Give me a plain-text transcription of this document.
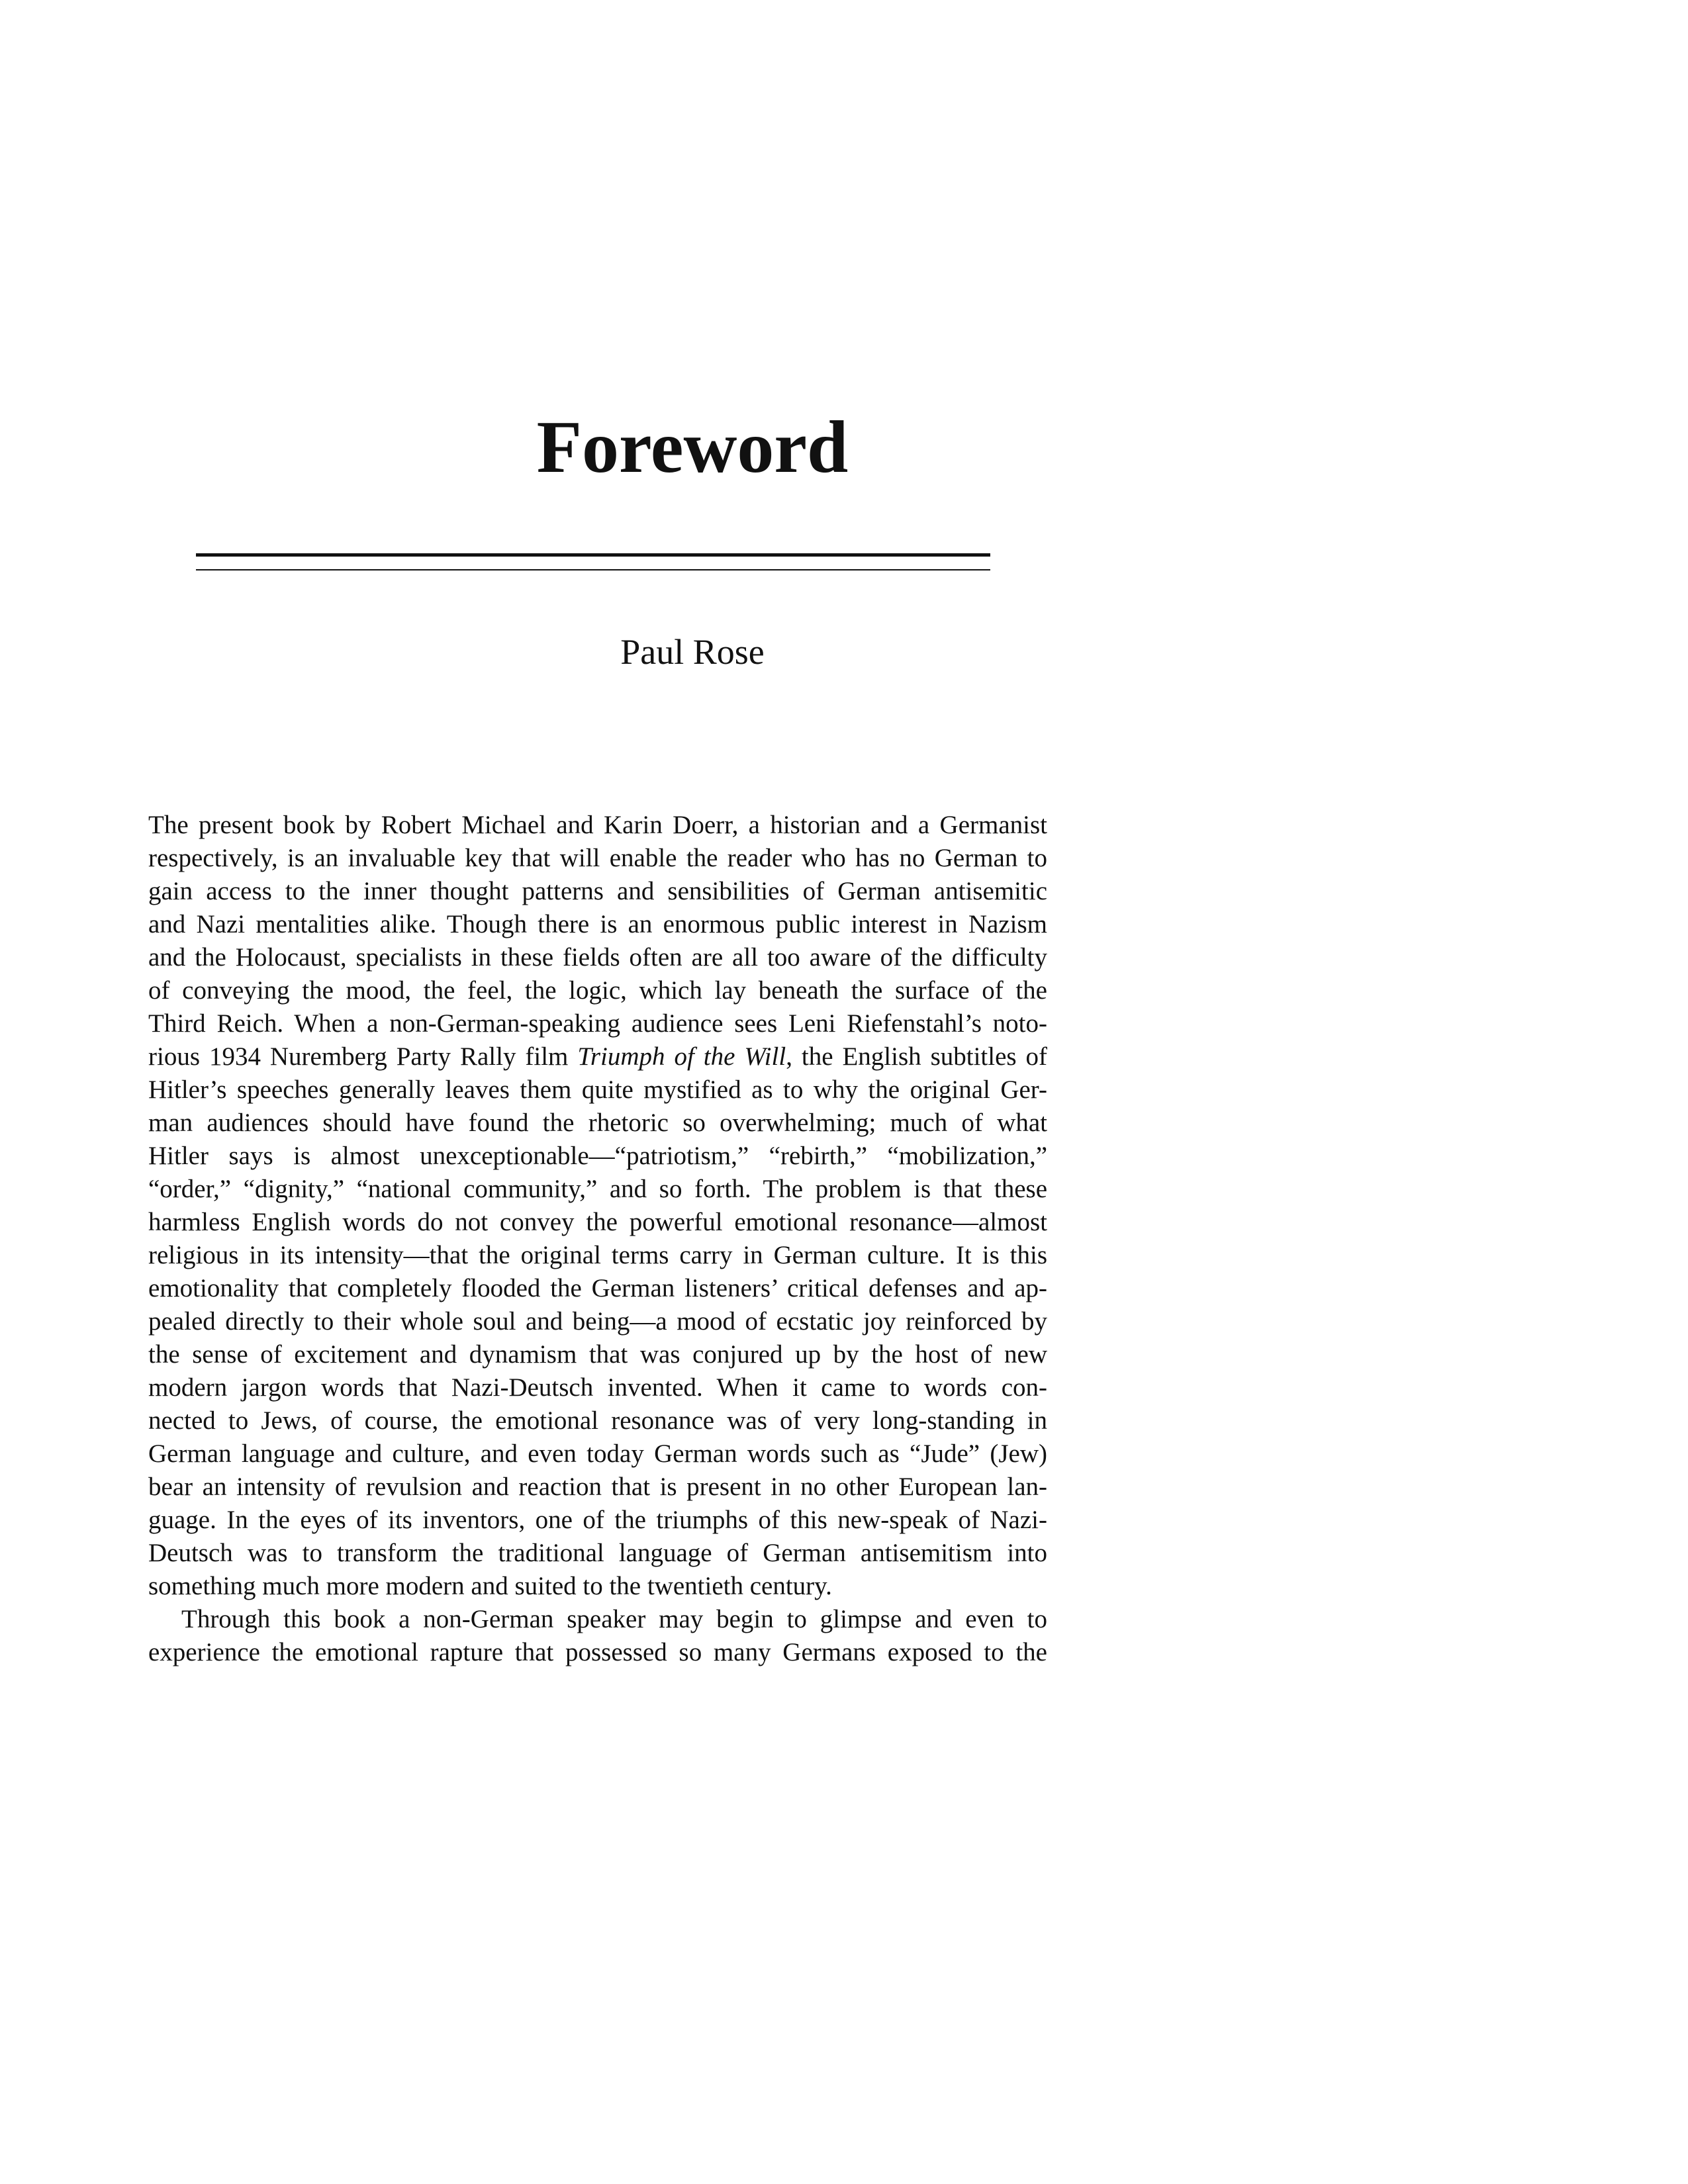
Foreword
Paul Rose
The present book by Robert Michael and Karin Doerr, a historian and a Germanist
respectively, is an invaluable key that will enable the reader who has no German to
gain access to the inner thought patterns and sensibilities of German antisemitic
and Nazi mentalities alike. Though there is an enormous public interest in Nazism
and the Holocaust, specialists in these fields often are all too aware of the difficulty
of conveying the mood, the feel, the logic, which lay beneath the surface of the
Third Reich. When a non-German-speaking audience sees Leni Riefenstahl’s noto-
rious 1934 Nuremberg Party Rally film Triumph of the Will, the English subtitles of
Hitler’s speeches generally leaves them quite mystified as to why the original Ger-
man audiences should have found the rhetoric so overwhelming; much of what
Hitler says is almost unexceptionable—“patriotism,” “rebirth,” “mobilization,”
“order,” “dignity,” “national community,” and so forth. The problem is that these
harmless English words do not convey the powerful emotional resonance—almost
religious in its intensity—that the original terms carry in German culture. It is this
emotionality that completely flooded the German listeners’ critical defenses and ap-
pealed directly to their whole soul and being—a mood of ecstatic joy reinforced by
the sense of excitement and dynamism that was conjured up by the host of new
modern jargon words that Nazi-Deutsch invented. When it came to words con-
nected to Jews, of course, the emotional resonance was of very long-standing in
German language and culture, and even today German words such as “Jude” (Jew)
bear an intensity of revulsion and reaction that is present in no other European lan-
guage. In the eyes of its inventors, one of the triumphs of this new-speak of Nazi-
Deutsch was to transform the traditional language of German antisemitism into
something much more modern and suited to the twentieth century.
Through this book a non-German speaker may begin to glimpse and even to
experience the emotional rapture that possessed so many Germans exposed to the
